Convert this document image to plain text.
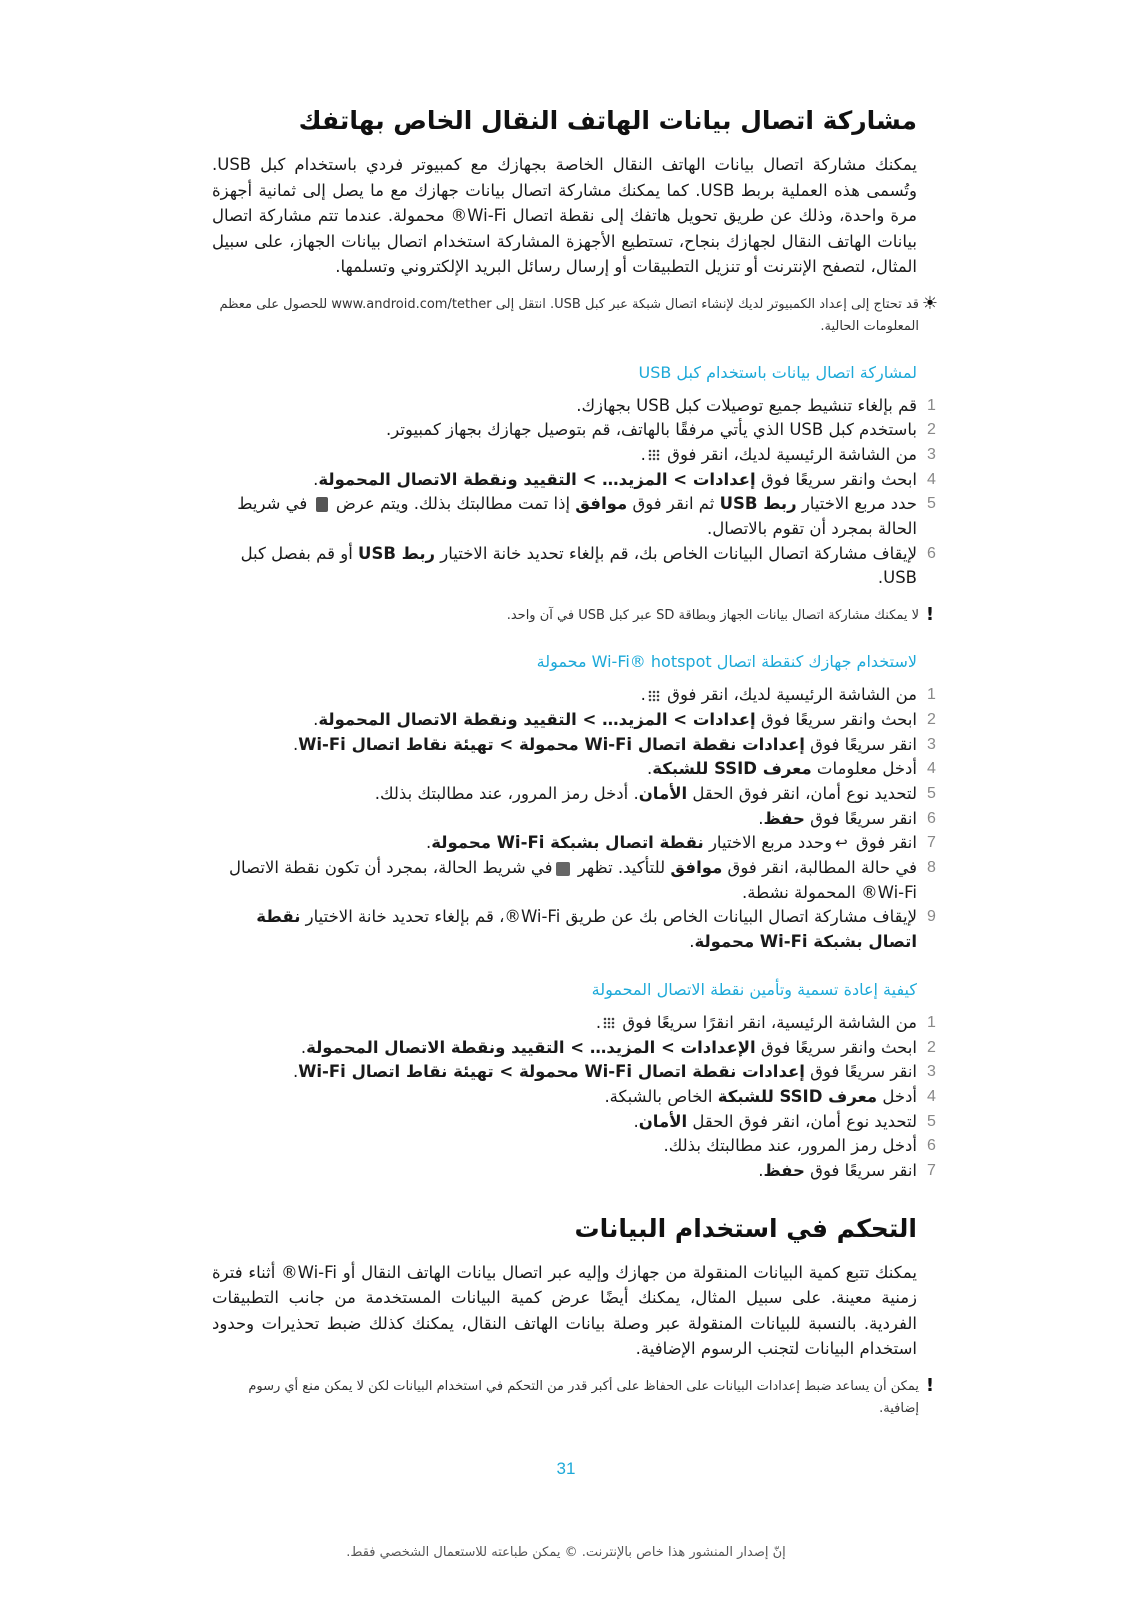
مشاركة اتصال بيانات الهاتف النقال الخاص بهاتفك

يمكنك مشاركة اتصال بيانات الهاتف النقال الخاصة بجهازك مع كمبيوتر فردي باستخدام كبل USB. وتُسمى هذه العملية بربط USB. كما يمكنك مشاركة اتصال بيانات جهازك مع ما يصل إلى ثمانية أجهزة مرة واحدة، وذلك عن طريق تحويل هاتفك إلى نقطة اتصال Wi-Fi® محمولة. عندما تتم مشاركة اتصال بيانات الهاتف النقال لجهازك بنجاح، تستطيع الأجهزة المشاركة استخدام اتصال بيانات الجهاز، على سبيل المثال، لتصفح الإنترنت أو تنزيل التطبيقات أو إرسال رسائل البريد الإلكتروني وتسلمها.

☀
قد تحتاج إلى إعداد الكمبيوتر لديك لإنشاء اتصال شبكة عبر كبل USB. انتقل إلى www.android.com/tether للحصول على معظم المعلومات الحالية.
لمشاركة اتصال بيانات باستخدام كبل USB
1
قم بإلغاء تنشيط جميع توصيلات كبل USB بجهازك.
2
باستخدم كبل USB الذي يأتي مرفقًا بالهاتف، قم بتوصيل جهازك بجهاز كمبيوتر.
3
من الشاشة الرئيسية لديك، انقر فوق .
4
ابحث وانقر سريعًا فوق إعدادات > المزيد… > التقييد ونقطة الاتصال المحمولة.
5
حدد مربع الاختيار ربط USB ثم انقر فوق موافق إذا تمت مطالبتك بذلك. ويتم عرض  في شريط الحالة بمجرد أن تقوم بالاتصال.
6
لإيقاف مشاركة اتصال البيانات الخاص بك، قم بإلغاء تحديد خانة الاختيار ربط USB أو قم بفصل كبل USB.
!
لا يمكنك مشاركة اتصال بيانات الجهاز وبطاقة SD عبر كبل USB في آن واحد.
لاستخدام جهازك كنقطة اتصال Wi-Fi® hotspot محمولة
1
من الشاشة الرئيسية لديك، انقر فوق .
2
ابحث وانقر سريعًا فوق إعدادات > المزيد… > التقييد ونقطة الاتصال المحمولة.
3
انقر سريعًا فوق إعدادات نقطة اتصال Wi-Fi محمولة > تهيئة نقاط اتصال Wi-Fi.
4
أدخل معلومات معرف SSID للشبكة.
5
لتحديد نوع أمان، انقر فوق الحقل الأمان. أدخل رمز المرور، عند مطالبتك بذلك.
6
انقر سريعًا فوق حفظ.
7
انقر فوق ↩وحدد مربع الاختيار نقطة اتصال بشبكة Wi-Fi محمولة.
8
في حالة المطالبة، انقر فوق موافق للتأكيد. تظهر في شريط الحالة، بمجرد أن تكون نقطة الاتصال Wi-Fi® المحمولة نشطة.
9
لإيقاف مشاركة اتصال البيانات الخاص بك عن طريق Wi-Fi®، قم بإلغاء تحديد خانة الاختيار نقطة اتصال بشبكة Wi-Fi محمولة.
كيفية إعادة تسمية وتأمين نقطة الاتصال المحمولة
1
من الشاشة الرئيسية، انقر انقرًا سريعًا فوق .
2
ابحث وانقر سريعًا فوق الإعدادات > المزيد… > التقييد ونقطة الاتصال المحمولة.
3
انقر سريعًا فوق إعدادات نقطة اتصال Wi-Fi محمولة > تهيئة نقاط اتصال Wi-Fi.
4
أدخل معرف SSID للشبكة الخاص بالشبكة.
5
لتحديد نوع أمان، انقر فوق الحقل الأمان.
6
أدخل رمز المرور، عند مطالبتك بذلك.
7
انقر سريعًا فوق حفظ.
التحكم في استخدام البيانات

يمكنك تتبع كمية البيانات المنقولة من جهازك وإليه عبر اتصال بيانات الهاتف النقال أو Wi-Fi® أثناء فترة زمنية معينة. على سبيل المثال، يمكنك أيضًا عرض كمية البيانات المستخدمة من جانب التطبيقات الفردية. بالنسبة للبيانات المنقولة عبر وصلة بيانات الهاتف النقال، يمكنك كذلك ضبط تحذيرات وحدود استخدام البيانات لتجنب الرسوم الإضافية.

!
يمكن أن يساعد ضبط إعدادات البيانات على الحفاظ على أكبر قدر من التحكم في استخدام البيانات لكن لا يمكن منع أي رسوم إضافية.
31
إنّ إصدار المنشور هذا خاص بالإنترنت. © يمكن طباعته للاستعمال الشخصي فقط.
